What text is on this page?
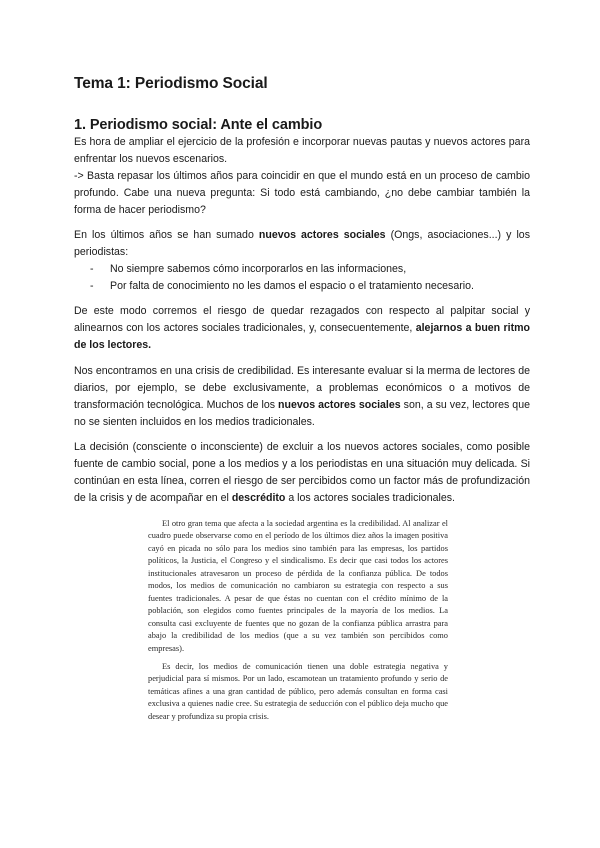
Tema 1: Periodismo Social
1. Periodismo social: Ante el cambio

Es hora de ampliar el ejercicio de la profesión e incorporar nuevas pautas y nuevos actores para enfrentar los nuevos escenarios.

-> Basta repasar los últimos años para coincidir en que el mundo está en un proceso de cambio profundo. Cabe una nueva pregunta: Si todo está cambiando, ¿no debe cambiar también la forma de hacer periodismo?

En los últimos años se han sumado nuevos actores sociales (Ongs, asociaciones...) y los periodistas:

- No siempre sabemos cómo incorporarlos en las informaciones,
- Por falta de conocimiento no les damos el espacio o el tratamiento necesario.

De este modo corremos el riesgo de quedar rezagados con respecto al palpitar social y alinearnos con los actores sociales tradicionales, y, consecuentemente, alejarnos a buen ritmo de los lectores.

Nos encontramos en una crisis de credibilidad. Es interesante evaluar si la merma de lectores de diarios, por ejemplo, se debe exclusivamente, a problemas económicos o a motivos de transformación tecnológica. Muchos de los nuevos actores sociales son, a su vez, lectores que no se sienten incluidos en los medios tradicionales.

La decisión (consciente o inconsciente) de excluir a los nuevos actores sociales, como posible fuente de cambio social, pone a los medios y a los periodistas en una situación muy delicada. Si continúan en esta línea, corren el riesgo de ser percibidos como un factor más de profundización de la crisis y de acompañar en el descrédito a los actores sociales tradicionales.

El otro gran tema que afecta a la sociedad argentina es la credibilidad. Al analizar el cuadro puede observarse como en el período de los últimos diez años la imagen positiva cayó en picada no sólo para los medios sino también para las empresas, los partidos políticos, la Justicia, el Congreso y el sindicalismo. Es decir que casi todos los actores institucionales atravesaron un proceso de pérdida de la confianza pública. De todos modos, los medios de comunicación no cambiaron su estrategia con respecto a sus fuentes tradicionales. A pesar de que éstas no cuentan con el crédito mínimo de la población, son elegidos como fuentes principales de la mayoría de los medios. La consulta casi excluyente de fuentes que no gozan de la confianza pública arrastra para abajo la credibilidad de los medios (que a su vez también son percibidos como empresas).

Es decir, los medios de comunicación tienen una doble estrategia negativa y perjudicial para sí mismos. Por un lado, escamotean un tratamiento profundo y serio de temáticas afines a una gran cantidad de público, pero además consultan en forma casi exclusiva a quienes nadie cree. Su estrategia de seducción con el público deja mucho que desear y profundiza su propia crisis.
